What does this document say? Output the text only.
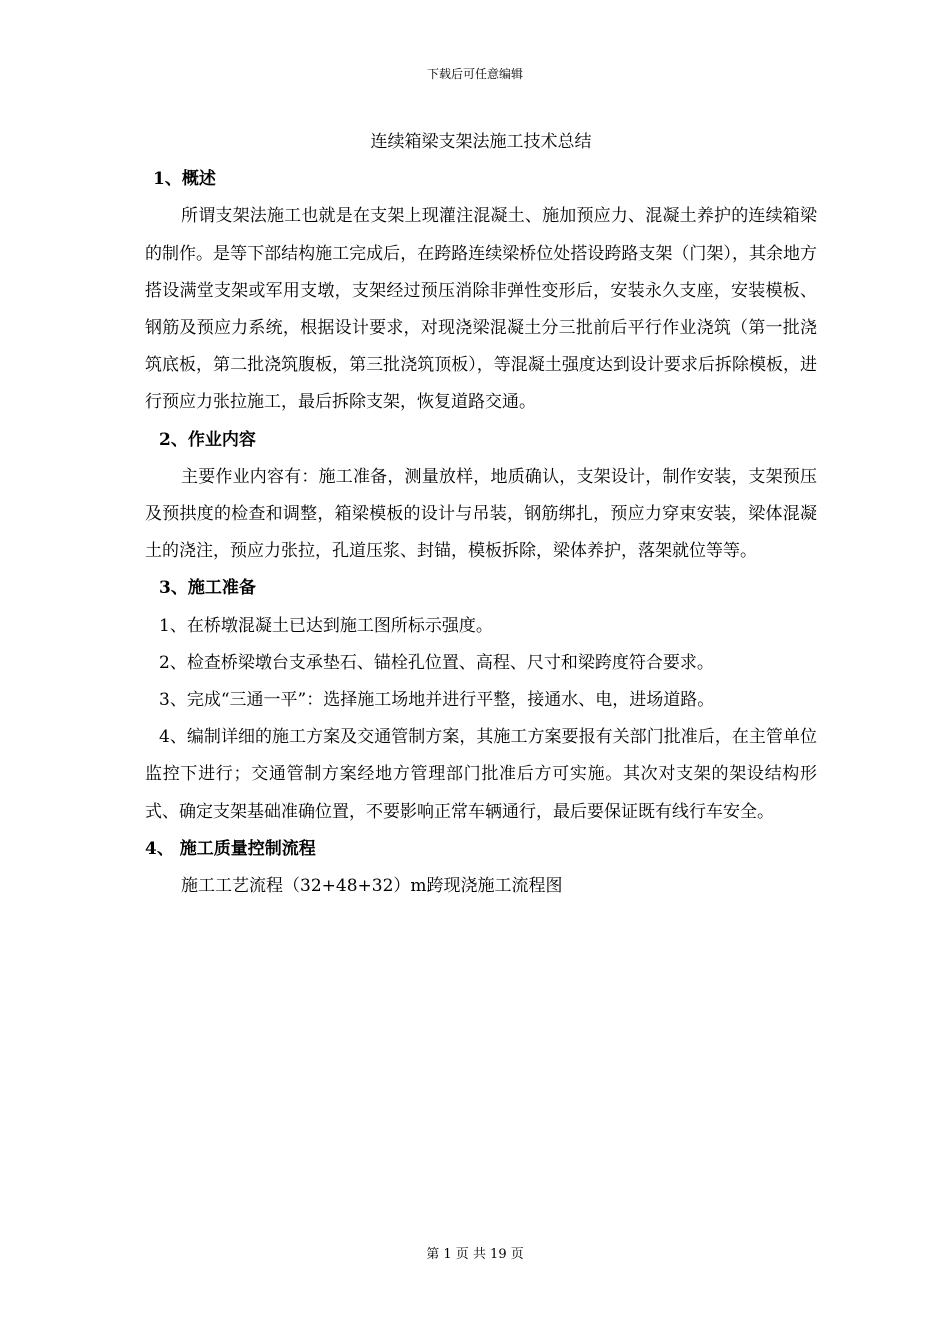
下载后可任意编辑

连续箱梁支架法施工技术总结

1、概述

所谓支架法施工也就是在支架上现灌注混凝土、施加预应力、混凝土养护的连续箱梁的制作。是等下部结构施工完成后，在跨路连续梁桥位处搭设跨路支架（门架），其余地方搭设满堂支架或军用支墩，支架经过预压消除非弹性变形后，安装永久支座，安装模板、钢筋及预应力系统，根据设计要求，对现浇梁混凝土分三批前后平行作业浇筑（第一批浇筑底板，第二批浇筑腹板，第三批浇筑顶板），等混凝土强度达到设计要求后拆除模板，进行预应力张拉施工，最后拆除支架，恢复道路交通。

2、作业内容

主要作业内容有：施工准备，测量放样，地质确认，支架设计，制作安装，支架预压及预拱度的检查和调整，箱梁模板的设计与吊装，钢筋绑扎，预应力穿束安装，梁体混凝土的浇注，预应力张拉，孔道压浆、封锚，模板拆除，梁体养护，落架就位等等。

3、施工准备

1、在桥墩混凝土已达到施工图所标示强度。

2、检查桥梁墩台支承垫石、锚栓孔位置、高程、尺寸和梁跨度符合要求。

3、完成“三通一平”：选择施工场地并进行平整，接通水、电，进场道路。

4、编制详细的施工方案及交通管制方案，其施工方案要报有关部门批准后，在主管单位监控下进行；交通管制方案经地方管理部门批准后方可实施。其次对支架的架设结构形式、确定支架基础准确位置，不要影响正常车辆通行，最后要保证既有线行车安全。

4、 施工质量控制流程

施工工艺流程（32+48+32）m跨现浇施工流程图

第 1 页 共 19 页
